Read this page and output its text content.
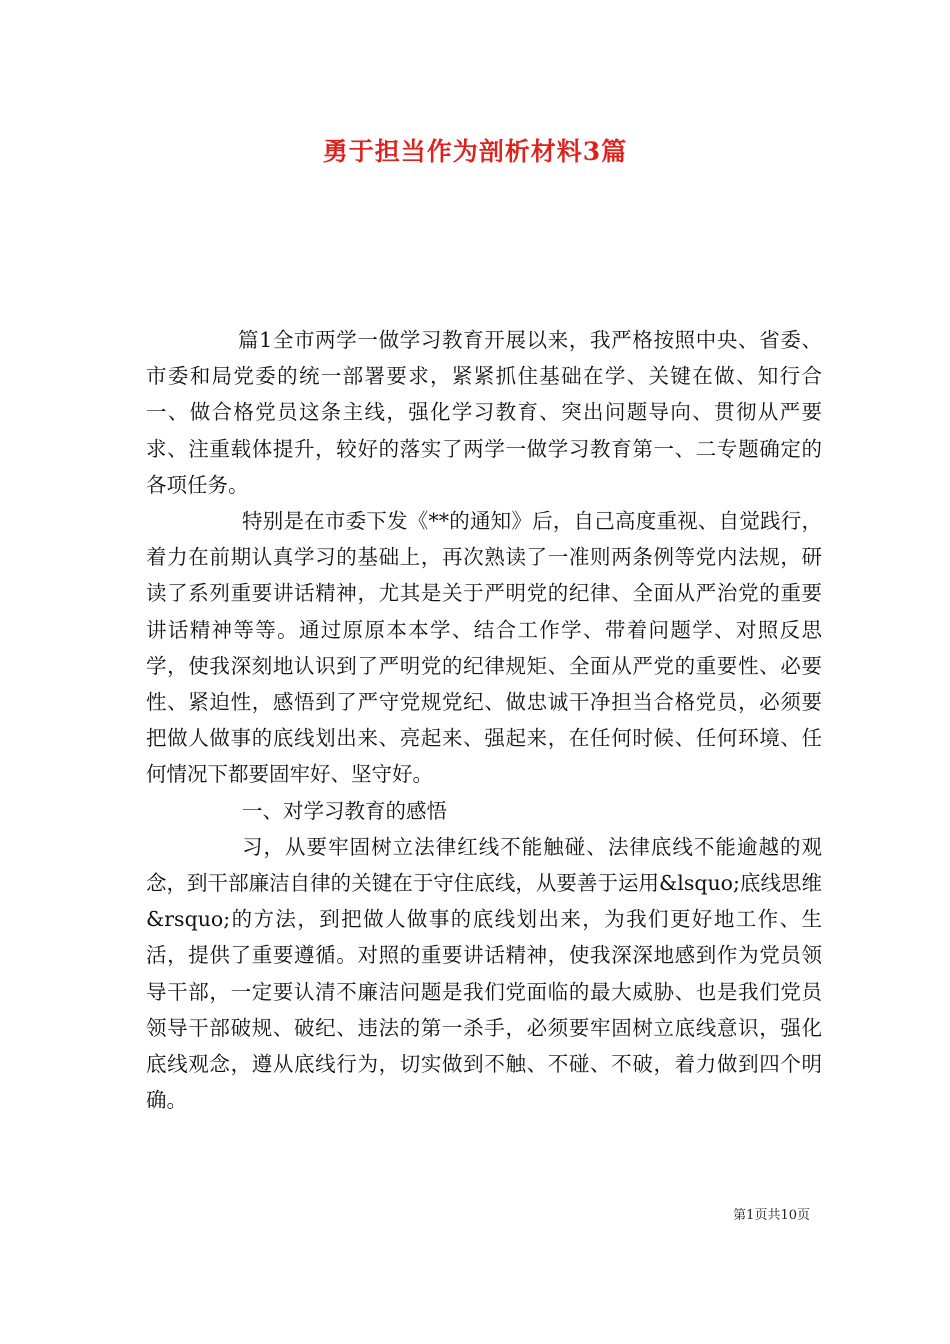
勇于担当作为剖析材料3篇

篇1全市两学一做学习教育开展以来，我严格按照中央、省委、市委和局党委的统一部署要求，紧紧抓住基础在学、关键在做、知行合一、做合格党员这条主线，强化学习教育、突出问题导向、贯彻从严要求、注重载体提升，较好的落实了两学一做学习教育第一、二专题确定的各项任务。

特别是在市委下发《**的通知》后，自己高度重视、自觉践行，着力在前期认真学习的基础上，再次熟读了一准则两条例等党内法规，研读了系列重要讲话精神，尤其是关于严明党的纪律、全面从严治党的重要讲话精神等等。通过原原本本学、结合工作学、带着问题学、对照反思学，使我深刻地认识到了严明党的纪律规矩、全面从严党的重要性、必要性、紧迫性，感悟到了严守党规党纪、做忠诚干净担当合格党员，必须要把做人做事的底线划出来、亮起来、强起来，在任何时候、任何环境、任何情况下都要固牢好、坚守好。

一、对学习教育的感悟

习，从要牢固树立法律红线不能触碰、法律底线不能逾越的观念，到干部廉洁自律的关键在于守住底线，从要善于运用&lsquo;底线思维&rsquo;的方法，到把做人做事的底线划出来，为我们更好地工作、生活，提供了重要遵循。对照的重要讲话精神，使我深深地感到作为党员领导干部，一定要认清不廉洁问题是我们党面临的最大威胁、也是我们党员领导干部破规、破纪、违法的第一杀手，必须要牢固树立底线意识，强化底线观念，遵从底线行为，切实做到不触、不碰、不破，着力做到四个明确。

第1页共10页
